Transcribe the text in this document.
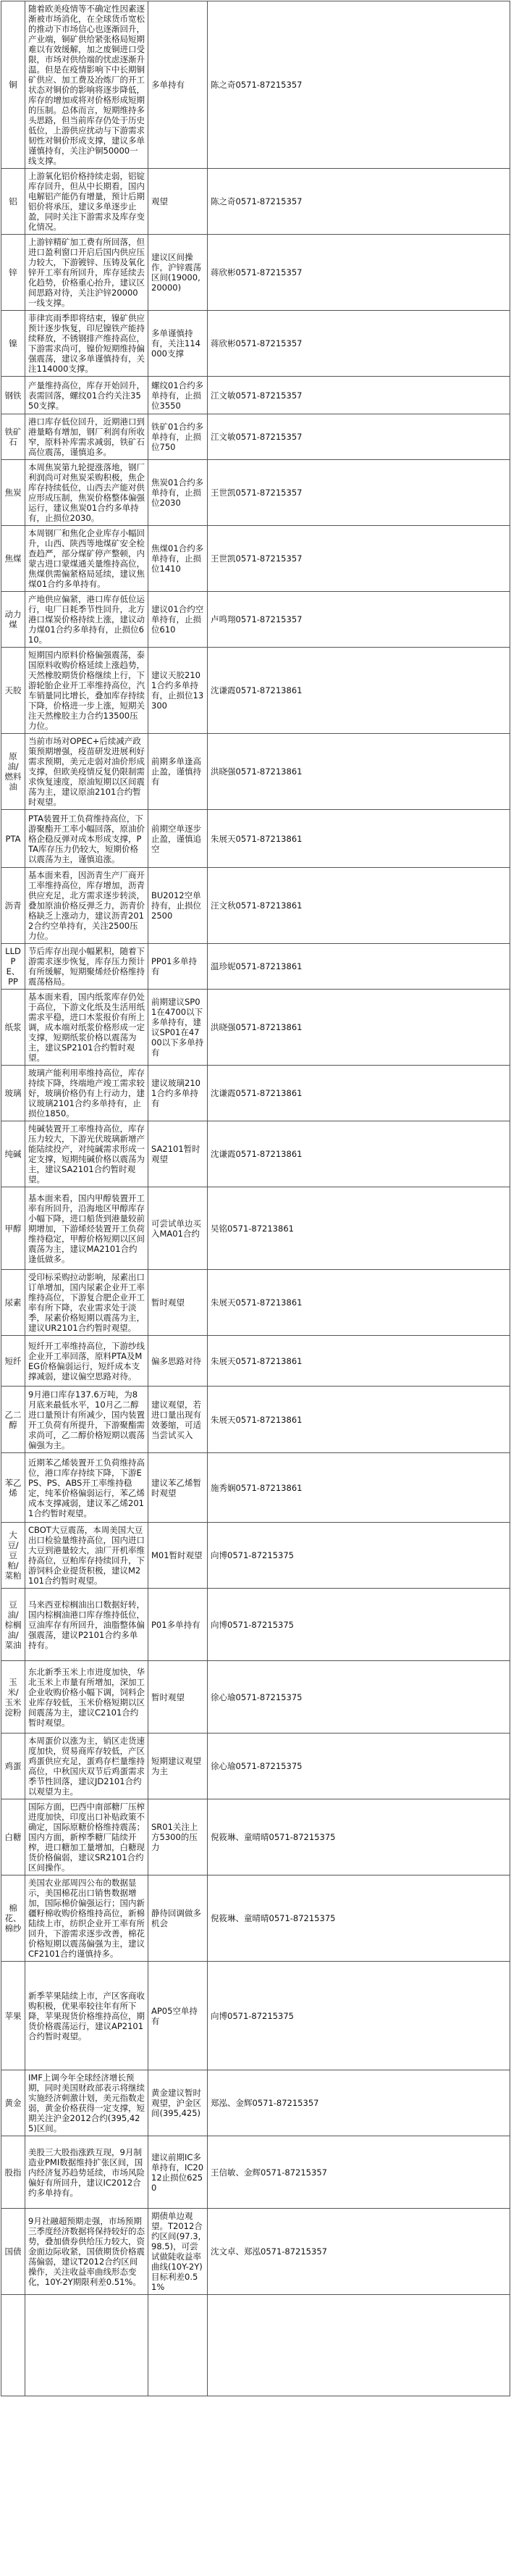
铜	随着欧美疫情等不确定性因素逐渐被市场消化，在全球货币宽松的推动下市场信心也逐渐回升，产业端，铜矿供给紧张格局短期难以有效缓解，加之废铜进口受限，市场对供给端的忧虑逐渐升温。但是在疫情影响下中长期铜矿供应、加工费及冶炼厂的开工状态对铜价的影响将逐步降低，库存的增加或将对价格形成短期的压制。总体而言，短期维持多头思路，但当前库存仍处于历史低位，上游供应扰动与下游需求韧性对铜价形成支撑，建议多单谨慎持有，关注沪铜50000一线支撑。	多单持有	陈之奇0571-87215357
铝	上游氧化铝价格持续走弱，铝锭库存回升，但从中长期看，国内电解铝产能仍有增量，预计后期铝价将承压，建议多单逐步止盈，同时关注下游需求及库存变化情况。	观望	陈之奇0571-87215357
锌	上游锌精矿加工费有所回落，但进口盈利窗口开启后国内供应压力较大，下游镀锌、压铸及氧化锌开工率有所回升，库存延续去化趋势，价格重心抬升，建议区间思路对待，关注沪锌20000一线支撑。	建议区间操作，沪锌震荡区间(19000,20000)	蒋欣彬0571-87215357
镍	菲律宾雨季即将结束，镍矿供应预计逐步恢复，印尼镍铁产能持续释放，不锈钢排产维持高位，下游需求尚可，镍价短期维持偏强震荡，建议多单谨慎持有，关注114000支撑。	多单谨慎持有，关注114000支撑	蒋欣彬0571-87215357
钢铁	产量维持高位，库存开始回升，表需回落，螺纹01合约关注3550支撑。	螺纹01合约多单持有，止损位3550	江文敏0571-87215357
铁矿石	港口库存低位回升，近期港口到港量略有增加，钢厂利润有所收窄，原料补库需求减弱，铁矿石高位震荡，谨慎追多。	铁矿01合约多单持有，止损位750	江文敏0571-87215357
焦炭	本周焦炭第九轮提涨落地，钢厂利润尚可对焦炭采购积极，焦企库存持续低位，山西去产能对供应形成压制，焦炭价格整体偏强运行，建议焦炭01合约多单持有，止损位2030。	焦炭01合约多单持有，止损位2030	王世凯0571-87215357
焦煤	本周钢厂和焦化企业库存小幅回升，山西、陕西等地煤矿安全检查趋严，部分煤矿停产整顿，内蒙古进口蒙煤通关量维持高位，焦煤供需偏紧格局延续，建议焦煤01合约多单持有。	焦煤01合约多单持有，止损位1410	王世凯0571-87215357
动力煤	产地供应偏紧，港口库存低位运行，电厂日耗季节性回升，北方港口煤炭价格持续上涨，建议动力煤01合约多单持有，止损位610。	建议01合约空单持有，止损位610	卢鸣翔0571-87215357
天胶	短期国内原料价格偏强震荡，泰国原料收购价格延续上涨趋势，天然橡胶期货价格继续上行，下游轮胎企业开工率维持高位，汽车销量同比增长，叠加库存持续下降，价格进一步上涨，短期关注天然橡胶主力合约13500压力位。	建议天胶2101合约多单持有，止损位13300	沈谦霞0571-87213861
原油/燃料油	当前市场对OPEC+后续减产政策预期增强，疫苗研发进展利好需求预期，美元走弱对油价形成支撑，但欧美疫情反复仍限制需求恢复速度，原油短期以区间震荡为主，建议原油2101合约暂时观望。	前期多单逢高止盈，谨慎持有	洪晓强0571-87213861
PTA	PTA装置开工负荷维持高位，下游聚酯开工率小幅回落，原油价格企稳反弹对成本形成支撑，PTA库存压力仍较大，短期价格以震荡为主，谨慎追涨。	前期空单逐步止盈，谨慎追空	朱展天0571-87213861
沥青	基本面来看，因沥青生产厂商开工率维持高位，库存增加，沥青供应充足，北方需求逐步转淡，叠加原油价格反弹乏力，沥青价格缺乏上涨动力，建议沥青2012合约空单持有，关注2500压力位。	BU2012空单持有，止损位2500	汪文秋0571-87213861
LLDPE、PP	节后库存出现小幅累积，随着下游需求逐步恢复，库存压力预计有所缓解，短期聚烯烃价格维持震荡格局。	PP01多单持有	温珍妮0571-87213861
纸浆	基本面来看，国内纸浆库存仍处于高位，下游文化纸及生活用纸需求平稳，进口木浆报价有所上调，成本端对纸浆价格形成一定支撑，短期纸浆价格以震荡为主，建议SP2101合约暂时观望。	前期建议SP01在4700以下多单持有，建议SP01在4700以下多单持有	洪晓强0571-87213861
玻璃	玻璃产能利用率维持高位，库存持续下降，终端地产竣工需求较好，玻璃价格仍有上行动力，建议玻璃2101合约多单持有，止损位1850。	建议玻璃2101合约多单持有	沈谦霞0571-87213861
纯碱	纯碱装置开工率维持高位，库存压力较大，下游光伏玻璃新增产能陆续投产，对纯碱需求形成一定支撑，短期纯碱价格以震荡为主，建议SA2101合约暂时观望。	SA2101暂时观望	沈谦霞0571-87213861
甲醇	基本面来看，国内甲醇装置开工率有所回升，沿海地区甲醇库存小幅下降，进口船货到港量较前期增加，下游烯烃装置开工负荷维持稳定，甲醇价格短期以区间震荡为主，建议MA2101合约逢低做多。	可尝试单边买入MA01合约	吴铭0571-87213861
尿素	受印标采购拉动影响，尿素出口订单增加，国内尿素企业开工率维持高位，下游复合肥企业开工率有所下降，农业需求处于淡季，尿素价格短期以震荡为主，建议UR2101合约暂时观望。	暂时观望	朱展天0571-87213861
短纤	短纤开工率维持高位，下游纱线企业开工率回落，原料PTA及MEG价格偏弱运行，短纤成本支撑减弱，建议偏空思路对待。	偏多思路对待	朱展天0571-87213861
乙二醇	9月港口库存137.6万吨，为8月底来最低水平，10月乙二醇进口量预计有所减少，国内装置开工负荷有所提升，下游聚酯需求尚可，乙二醇价格短期以震荡偏强为主。	建议观望，若进口量出现有效萎缩，可适当尝试买入	朱展天0571-87213861
苯乙烯	近期苯乙烯装置开工负荷维持高位，港口库存持续下降，下游EPS、PS、ABS开工率维持稳定，纯苯价格偏弱运行，苯乙烯成本支撑减弱，建议苯乙烯2011合约暂时观望。	建议苯乙烯暂时观望	施秀娴0571-87213861
大豆/豆粕/菜粕	CBOT大豆震荡，本周美国大豆出口检验量维持高位，国内进口大豆到港量较大，油厂开机率维持高位，豆粕库存持续回升，下游饲料企业提货积极，建议M2101合约暂时观望。	M01暂时观望	向博0571-87215375
豆油/棕榈油/菜油	马来西亚棕榈油出口数据好转，国内棕榈油港口库存维持低位，豆油库存有所回升，油脂整体偏强震荡，建议P2101合约多单持有。	P01多单持有	向博0571-87215375
玉米/玉米淀粉	东北新季玉米上市进度加快，华北玉米上市量有所增加，深加工企业收购价格小幅下调，饲料企业库存较低，玉米价格短期以区间震荡为主，建议C2101合约暂时观望。	暂时观望	徐心瑜0571-87215375
鸡蛋	本周蛋价以涨为主，销区走货速度加快，贸易商库存较低，产区鸡蛋供应充足，蛋鸡存栏量维持高位，中秋国庆双节后鸡蛋需求季节性回落，建议JD2101合约以观望为主。	短期建议观望为主	徐心瑜0571-87215375
白糖	国际方面，巴西中南部糖厂压榨进度加快，印度出口补贴政策不确定，国际原糖价格维持震荡；国内方面，新榨季糖厂陆续开榨，进口糖加工量增加，白糖现货价格偏弱，建议SR2101合约区间操作。	SR01关注上方5300的压力	倪筱琳、童晴晴0571-87215375
棉花、棉纱	美国农业部周四公布的数据显示，美国棉花出口销售数据增加，国际棉价偏强运行；国内新疆籽棉收购价格维持高位，新棉陆续上市，纺织企业开工率有所回升，下游需求逐步改善，棉花价格短期以震荡偏强为主，建议CF2101合约谨慎持多。	静待回调做多机会	倪筱琳、童晴晴0571-87215375
苹果	新季苹果陆续上市，产区客商收购积极，优果率较往年有所下降，苹果现货价格维持高位，期货价格震荡运行，建议AP2101合约暂时观望。	AP05空单持有	向博0571-87215375
黄金	IMF上调今年全球经济增长预期，同时美国财政部表示将继续实施经济刺激计划，美元指数走弱，黄金价格获得一定支撑，短期关注沪金2012合约(395,425)区间。	黄金建议暂时观望，沪金区间(395,425)	郑泓、金辉0571-87215357
股指	美股三大股指涨跌互现，9月制造业PMI数据维持扩张区间，国内经济复苏趋势延续，市场风险偏好有所回升，建议IC2012合约多单持有。	建议前期IC多单持有，IC2012止损位6250	王信敏、金辉0571-87215357
国债	9月社融超预期走强，市场预期三季度经济数据将保持较好的态势，叠加债券供给压力较大，资金面边际收紧，国债期货价格震荡偏弱，建议T2012合约区间操作，关注收益率曲线形态变化，10Y-2Y期限利差0.51%。	期债单边观望。T2012合约区间(97.3,98.5)，可尝试做陡收益率曲线(10Y-2Y)目标利差0.51%	沈文卓、郑泓0571-87215357
